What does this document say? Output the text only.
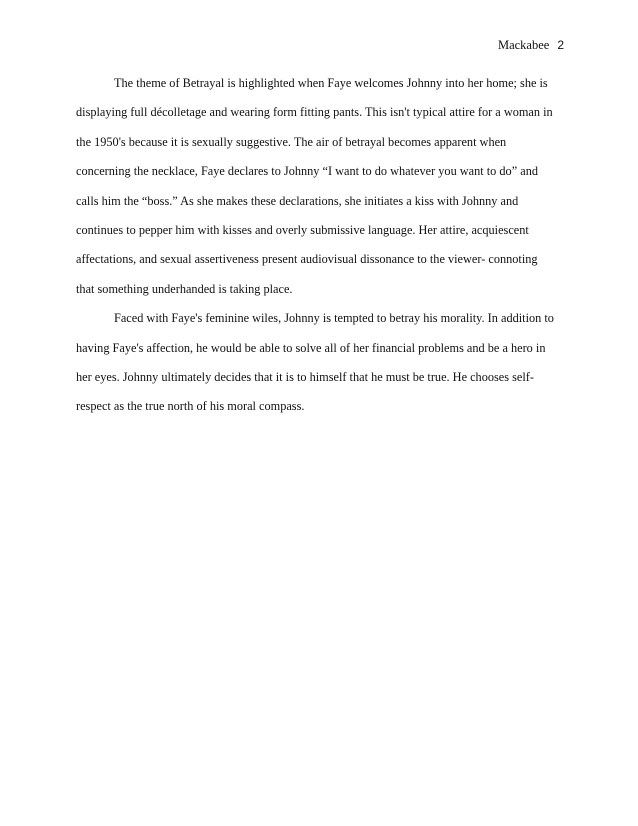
Mackabee 2
The theme of Betrayal is highlighted when Faye welcomes Johnny into her home; she is
displaying full décolletage and wearing form fitting pants. This isn't typical attire for a woman in
the 1950's because it is sexually suggestive. The air of betrayal becomes apparent when
concerning the necklace, Faye declares to Johnny “I want to do whatever you want to do” and
calls him the “boss.” As she makes these declarations, she initiates a kiss with Johnny and
continues to pepper him with kisses and overly submissive language. Her attire, acquiescent
affectations, and sexual assertiveness present audiovisual dissonance to the viewer- connoting
that something underhanded is taking place.
Faced with Faye's feminine wiles, Johnny is tempted to betray his morality. In addition to
having Faye's affection, he would be able to solve all of her financial problems and be a hero in
her eyes. Johnny ultimately decides that it is to himself that he must be true. He chooses self-
respect as the true north of his moral compass.
